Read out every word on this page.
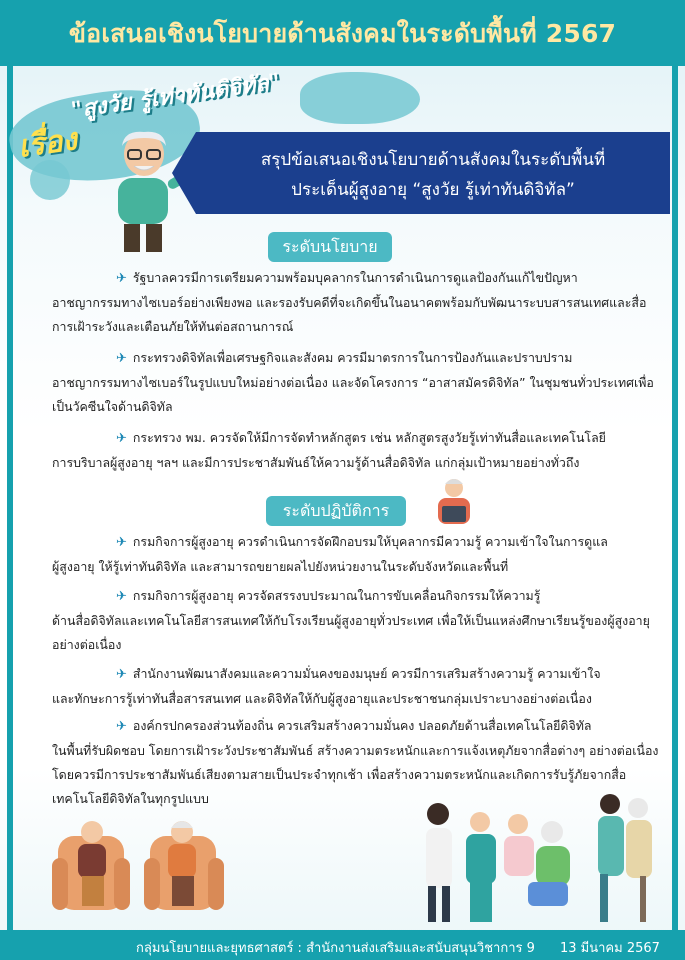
ข้อเสนอเชิงนโยบายด้านสังคมในระดับพื้นที่ 2567
เรื่อง
"สูงวัย รู้เท่าทันดิจิทัล"
สรุปข้อเสนอเชิงนโยบายด้านสังคมในระดับพื้นที่
ประเด็นผู้สูงอายุ “สูงวัย รู้เท่าทันดิจิทัล”
ระดับนโยบาย
✈ รัฐบาลควรมีการเตรียมความพร้อมบุคลากรในการดำเนินการดูแลป้องกันแก้ไขปัญหา
อาชญากรรมทางไซเบอร์อย่างเพียงพอ และรองรับคดีที่จะเกิดขึ้นในอนาคตพร้อมกับพัฒนาระบบสารสนเทศและสื่อการเฝ้าระวังและเตือนภัยให้ทันต่อสถานการณ์
✈ กระทรวงดิจิทัลเพื่อเศรษฐกิจและสังคม ควรมีมาตรการในการป้องกันและปราบปราม
อาชญากรรมทางไซเบอร์ในรูปแบบใหม่อย่างต่อเนื่อง และจัดโครงการ “อาสาสมัครดิจิทัล” ในชุมชนทั่วประเทศเพื่อเป็นวัคซีนใจด้านดิจิทัล
✈ กระทรวง พม. ควรจัดให้มีการจัดทำหลักสูตร เช่น หลักสูตรสูงวัยรู้เท่าทันสื่อและเทคโนโลยี
การบริบาลผู้สูงอายุ ฯลฯ และมีการประชาสัมพันธ์ให้ความรู้ด้านสื่อดิจิทัล แก่กลุ่มเป้าหมายอย่างทั่วถึง
ระดับปฏิบัติการ
✈ กรมกิจการผู้สูงอายุ ควรดำเนินการจัดฝึกอบรมให้บุคลากรมีความรู้ ความเข้าใจในการดูแล
ผู้สูงอายุ ให้รู้เท่าทันดิจิทัล และสามารถขยายผลไปยังหน่วยงานในระดับจังหวัดและพื้นที่
✈ กรมกิจการผู้สูงอายุ ควรจัดสรรงบประมาณในการขับเคลื่อนกิจกรรมให้ความรู้
ด้านสื่อดิจิทัลและเทคโนโลยีสารสนเทศให้กับโรงเรียนผู้สูงอายุทั่วประเทศ เพื่อให้เป็นแหล่งศึกษาเรียนรู้ของผู้สูงอายุอย่างต่อเนื่อง
✈ สำนักงานพัฒนาสังคมและความมั่นคงของมนุษย์ ควรมีการเสริมสร้างความรู้ ความเข้าใจ
และทักษะการรู้เท่าทันสื่อสารสนเทศ และดิจิทัลให้กับผู้สูงอายุและประชาชนกลุ่มเปราะบางอย่างต่อเนื่อง
✈ องค์กรปกครองส่วนท้องถิ่น ควรเสริมสร้างความมั่นคง ปลอดภัยด้านสื่อเทคโนโลยีดิจิทัล
ในพื้นที่รับผิดชอบ โดยการเฝ้าระวังประชาสัมพันธ์ สร้างความตระหนักและการแจ้งเหตุภัยจากสื่อต่างๆ อย่างต่อเนื่อง โดยควรมีการประชาสัมพันธ์เสียงตามสายเป็นประจำทุกเช้า เพื่อสร้างความตระหนักและเกิดการรับรู้ภัยจากสื่อเทคโนโลยีดิจิทัลในทุกรูปแบบ
กลุ่มนโยบายและยุทธศาสตร์ : สำนักงานส่งเสริมและสนับสนุนวิชาการ 9 13 มีนาคม 2567
